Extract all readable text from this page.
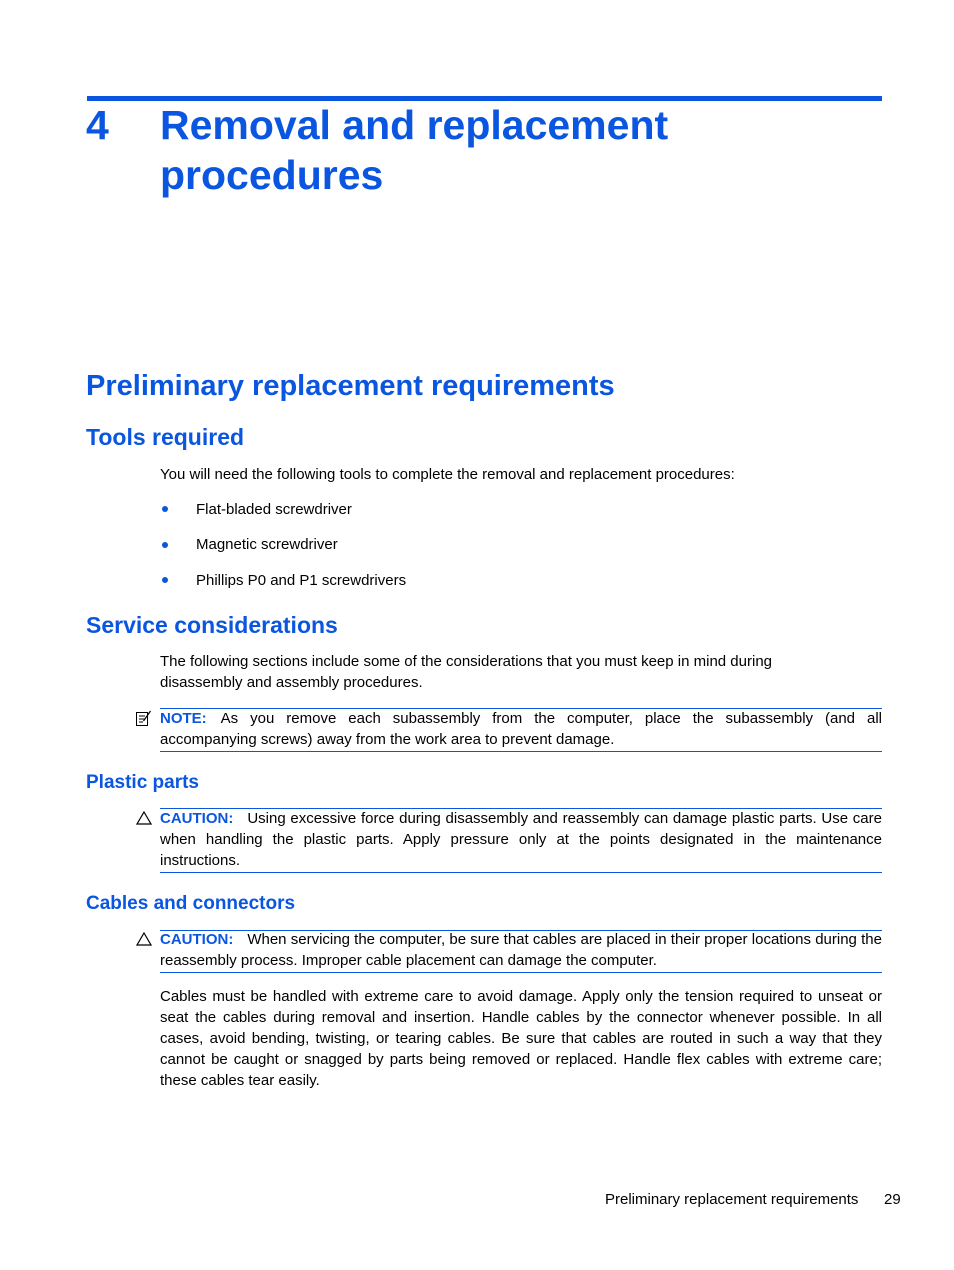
4 Removal and replacement procedures
Preliminary replacement requirements
Tools required
You will need the following tools to complete the removal and replacement procedures:
Flat-bladed screwdriver
Magnetic screwdriver
Phillips P0 and P1 screwdrivers
Service considerations
The following sections include some of the considerations that you must keep in mind during disassembly and assembly procedures.
NOTE: As you remove each subassembly from the computer, place the subassembly (and all accompanying screws) away from the work area to prevent damage.
Plastic parts
CAUTION: Using excessive force during disassembly and reassembly can damage plastic parts. Use care when handling the plastic parts. Apply pressure only at the points designated in the maintenance instructions.
Cables and connectors
CAUTION: When servicing the computer, be sure that cables are placed in their proper locations during the reassembly process. Improper cable placement can damage the computer.
Cables must be handled with extreme care to avoid damage. Apply only the tension required to unseat or seat the cables during removal and insertion. Handle cables by the connector whenever possible. In all cases, avoid bending, twisting, or tearing cables. Be sure that cables are routed in such a way that they cannot be caught or snagged by parts being removed or replaced. Handle flex cables with extreme care; these cables tear easily.
Preliminary replacement requirements 29
